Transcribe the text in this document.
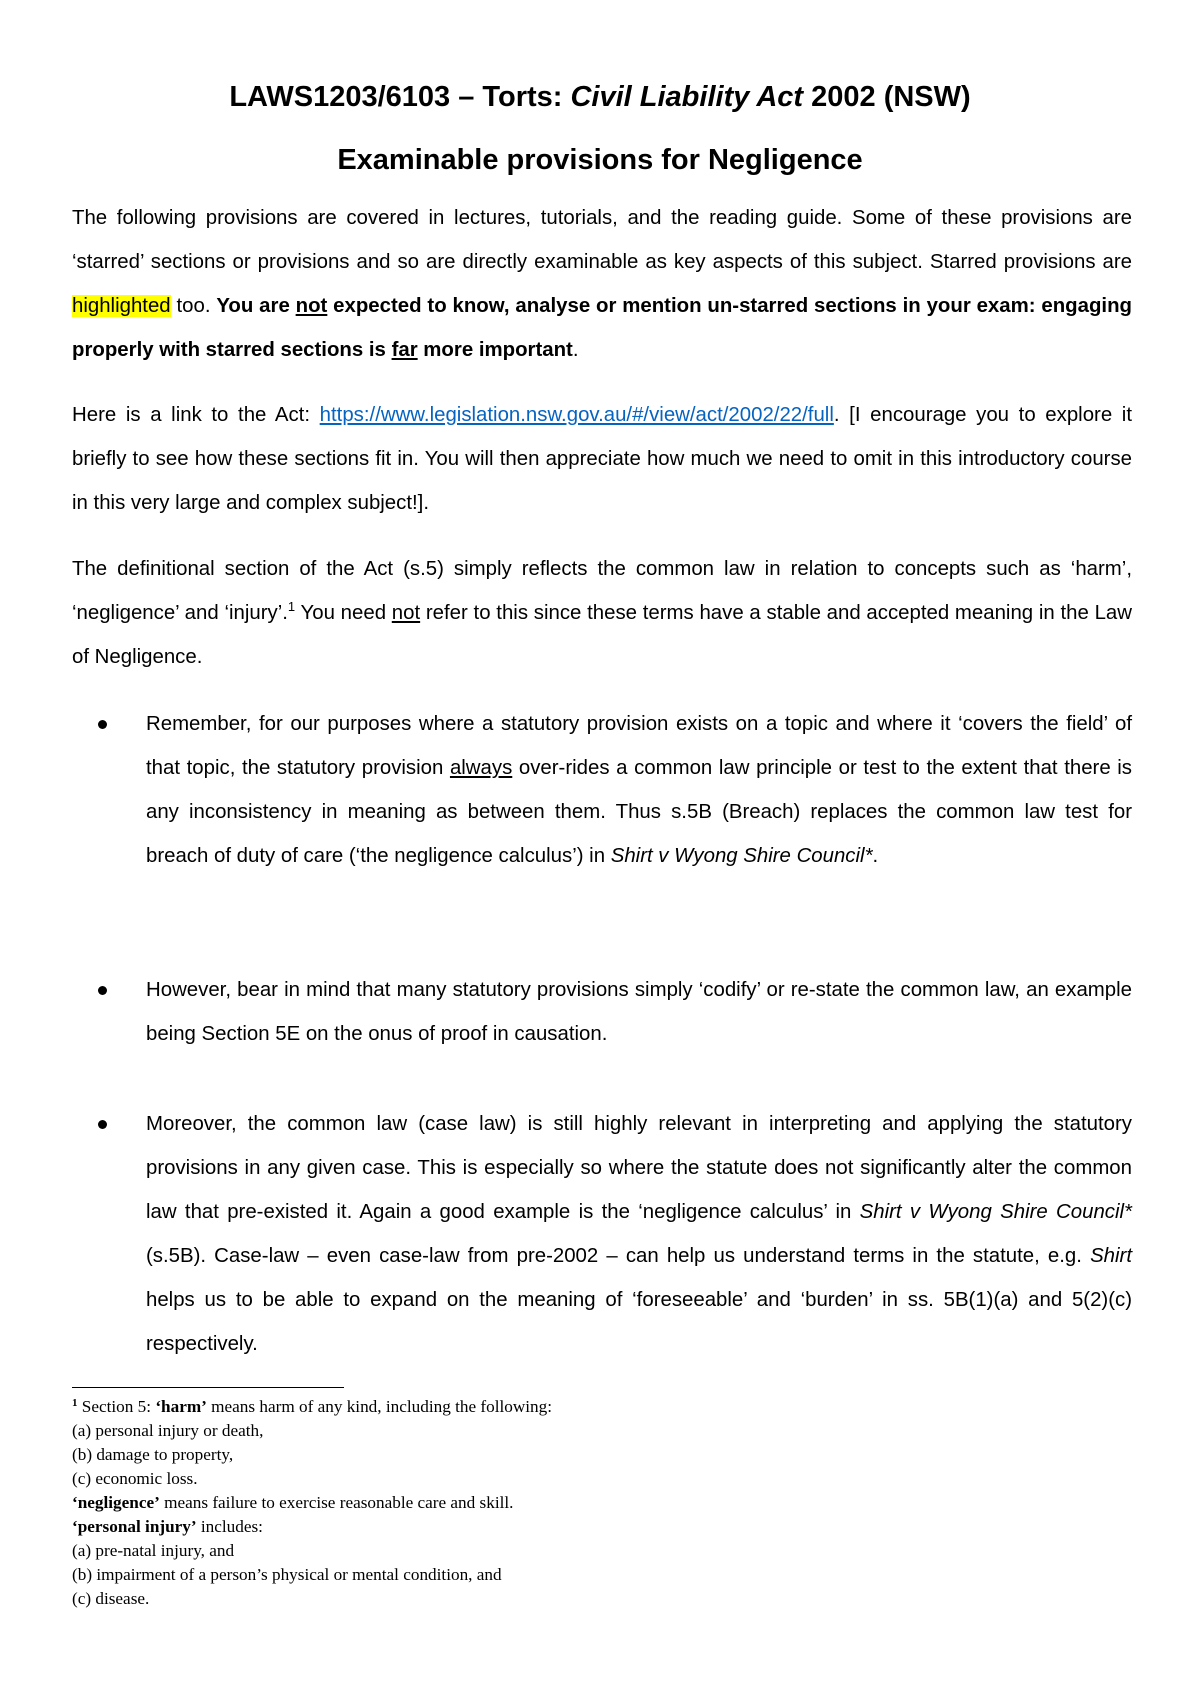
LAWS1203/6103 – Torts: Civil Liability Act 2002 (NSW)
Examinable provisions for Negligence

The following provisions are covered in lectures, tutorials, and the reading guide. Some of these provisions are ‘starred’ sections or provisions and so are directly examinable as key aspects of this subject. Starred provisions are highlighted too. You are not expected to know, analyse or mention un-starred sections in your exam: engaging properly with starred sections is far more important.

Here is a link to the Act: https://www.legislation.nsw.gov.au/#/view/act/2002/22/full. [I encourage you to explore it briefly to see how these sections fit in. You will then appreciate how much we need to omit in this introductory course in this very large and complex subject!].

The definitional section of the Act (s.5) simply reflects the common law in relation to concepts such as ‘harm’, ‘negligence’ and ‘injury’.$^1$ You need not refer to this since these terms have a stable and accepted meaning in the Law of Negligence.

Remember, for our purposes where a statutory provision exists on a topic and where it ‘covers the field’ of that topic, the statutory provision always over-rides a common law principle or test to the extent that there is any inconsistency in meaning as between them. Thus s.5B (Breach) replaces the common law test for breach of duty of care (‘the negligence calculus’) in Shirt v Wyong Shire Council*.

However, bear in mind that many statutory provisions simply ‘codify’ or re-state the common law, an example being Section 5E on the onus of proof in causation.

Moreover, the common law (case law) is still highly relevant in interpreting and applying the statutory provisions in any given case. This is especially so where the statute does not significantly alter the common law that pre-existed it. Again a good example is the ‘negligence calculus’ in Shirt v Wyong Shire Council* (s.5B). Case-law – even case-law from pre-2002 – can help us understand terms in the statute, e.g. Shirt helps us to be able to expand on the meaning of ‘foreseeable’ and ‘burden’ in ss. 5B(1)(a) and 5(2)(c) respectively.

$^1$ Section 5: ‘harm’ means harm of any kind, including the following:
(a) personal injury or death,
(b) damage to property,
(c) economic loss.
‘negligence’ means failure to exercise reasonable care and skill.
‘personal injury’ includes:
(a) pre-natal injury, and
(b) impairment of a person’s physical or mental condition, and
(c) disease.
